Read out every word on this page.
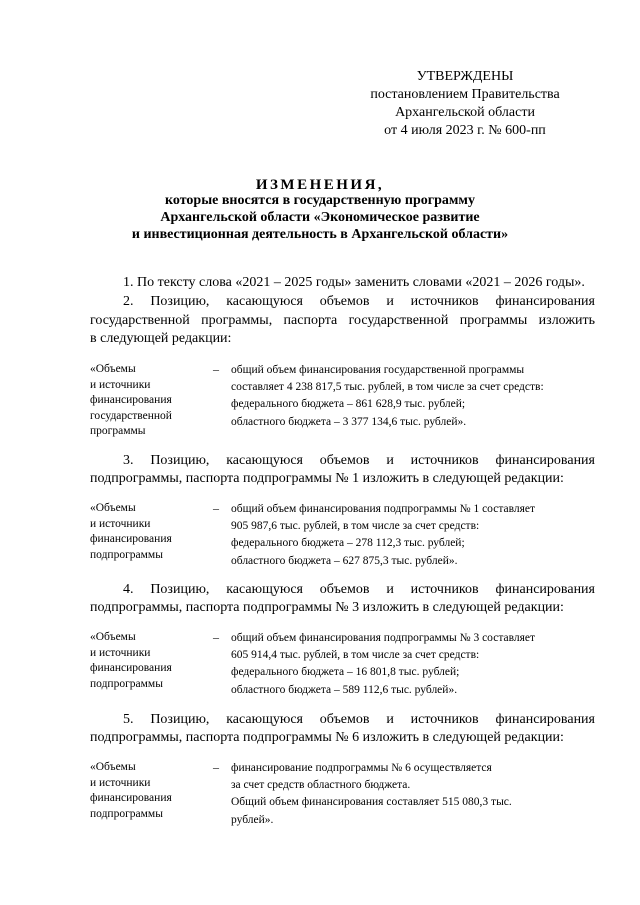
УТВЕРЖДЕНЫ
постановлением Правительства
Архангельской области
от 4 июля 2023 г. № 600-пп
ИЗМЕНЕНИЯ,
которые вносятся в государственную программу
Архангельской области «Экономическое развитие
и инвестиционная деятельность в Архангельской области»
1. По тексту слова «2021 – 2025 годы» заменить словами «2021 – 2026 годы».
2. Позицию, касающуюся объемов и источников финансирования
государственной программы, паспорта государственной программы изложить
в следующей редакции:
«Объемы
и источники
финансирования
государственной
программы
– общий объем финансирования государственной программы
составляет 4 238 817,5 тыс. рублей, в том числе за счет средств:
федерального бюджета – 861 628,9 тыс. рублей;
областного бюджета – 3 377 134,6 тыс. рублей».
3. Позицию, касающуюся объемов и источников финансирования
подпрограммы, паспорта подпрограммы № 1 изложить в следующей редакции:
«Объемы
и источники
финансирования
подпрограммы
– общий объем финансирования подпрограммы № 1 составляет
905 987,6 тыс. рублей, в том числе за счет средств:
федерального бюджета – 278 112,3 тыс. рублей;
областного бюджета – 627 875,3 тыс. рублей».
4. Позицию, касающуюся объемов и источников финансирования
подпрограммы, паспорта подпрограммы № 3 изложить в следующей редакции:
«Объемы
и источники
финансирования
подпрограммы
– общий объем финансирования подпрограммы № 3 составляет
605 914,4 тыс. рублей, в том числе за счет средств:
федерального бюджета – 16 801,8 тыс. рублей;
областного бюджета – 589 112,6 тыс. рублей».
5. Позицию, касающуюся объемов и источников финансирования
подпрограммы, паспорта подпрограммы № 6 изложить в следующей редакции:
«Объемы
и источники
финансирования
подпрограммы
– финансирование подпрограммы № 6 осуществляется
за счет средств областного бюджета.
Общий объем финансирования составляет 515 080,3 тыс.
рублей».
